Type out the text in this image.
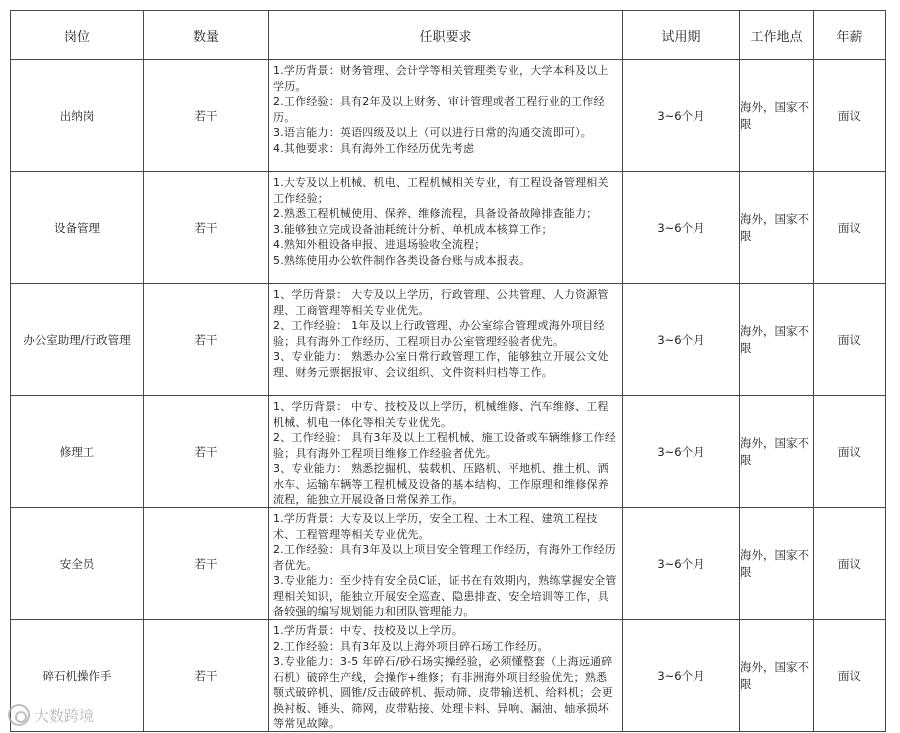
岗位	数量	任职要求	试用期	工作地点	年薪
出纳岗	若干	1.学历背景：财务管理、会计学等相关管理类专业，大学本科及以上学历。
2.工作经验：具有2年及以上财务、审计管理或者工程行业的工作经历。
3.语言能力：英语四级及以上（可以进行日常的沟通交流即可）。
4.其他要求：具有海外工作经历优先考虑	3~6个月	海外，国家不限	面议
设备管理	若干	1.大专及以上机械、机电、工程机械相关专业，有工程设备管理相关工作经验；
2.熟悉工程机械使用、保养、维修流程，具备设备故障排查能力；
3.能够独立完成设备油耗统计分析、单机成本核算工作；
4.熟知外租设备申报、进退场验收全流程；
5.熟练使用办公软件制作各类设备台账与成本报表。	3~6个月	海外，国家不限	面议
办公室助理/行政管理	若干	1、学历背景： 大专及以上学历，行政管理、公共管理、人力资源管理、工商管理等相关专业优先。
2、工作经验： 1年及以上行政管理、办公室综合管理或海外项目经验；具有海外工作经历、工程项目办公室管理经验者优先。
3、专业能力： 熟悉办公室日常行政管理工作，能够独立开展公文处理、财务元票据报审、会议组织、文件资料归档等工作。	3~6个月	海外，国家不限	面议
修理工	若干	1、学历背景： 中专、技校及以上学历，机械维修、汽车维修、工程机械、机电一体化等相关专业优先。
2、工作经验： 具有3年及以上工程机械、施工设备或车辆维修工作经验；具有海外工程项目维修工作经验者优先。
3、专业能力： 熟悉挖掘机、装载机、压路机、平地机、推土机、洒水车、运输车辆等工程机械及设备的基本结构、工作原理和维修保养流程，能独立开展设备日常保养工作。	3~6个月	海外，国家不限	面议
安全员	若干	1.学历背景：大专及以上学历，安全工程、土木工程、建筑工程技术、工程管理等相关专业优先。
2.工作经验：具有3年及以上项目安全管理工作经历，有海外工作经历者优先。
3.专业能力：至少持有安全员C证，证书在有效期内，熟练掌握安全管理相关知识，能独立开展安全巡查、隐患排查、安全培训等工作，具备较强的编写规划能力和团队管理能力。	3~6个月	海外，国家不限	面议
碎石机操作手	若干	1.学历背景：中专、技校及以上学历。
2.工作经验：具有3年及以上海外项目碎石场工作经历。
3.专业能力：3-5 年碎石/砂石场实操经验，必须懂整套（上海远通碎石机）破碎生产线，会操作+维修；有非洲海外项目经验优先；熟悉颚式破碎机、圆锥/反击破碎机、振动筛、皮带输送机、给料机；会更换衬板、锤头、筛网，皮带粘接、处理卡料、异响、漏油、轴承损坏等常见故障。	3~6个月	海外，国家不限	面议
大数跨境
